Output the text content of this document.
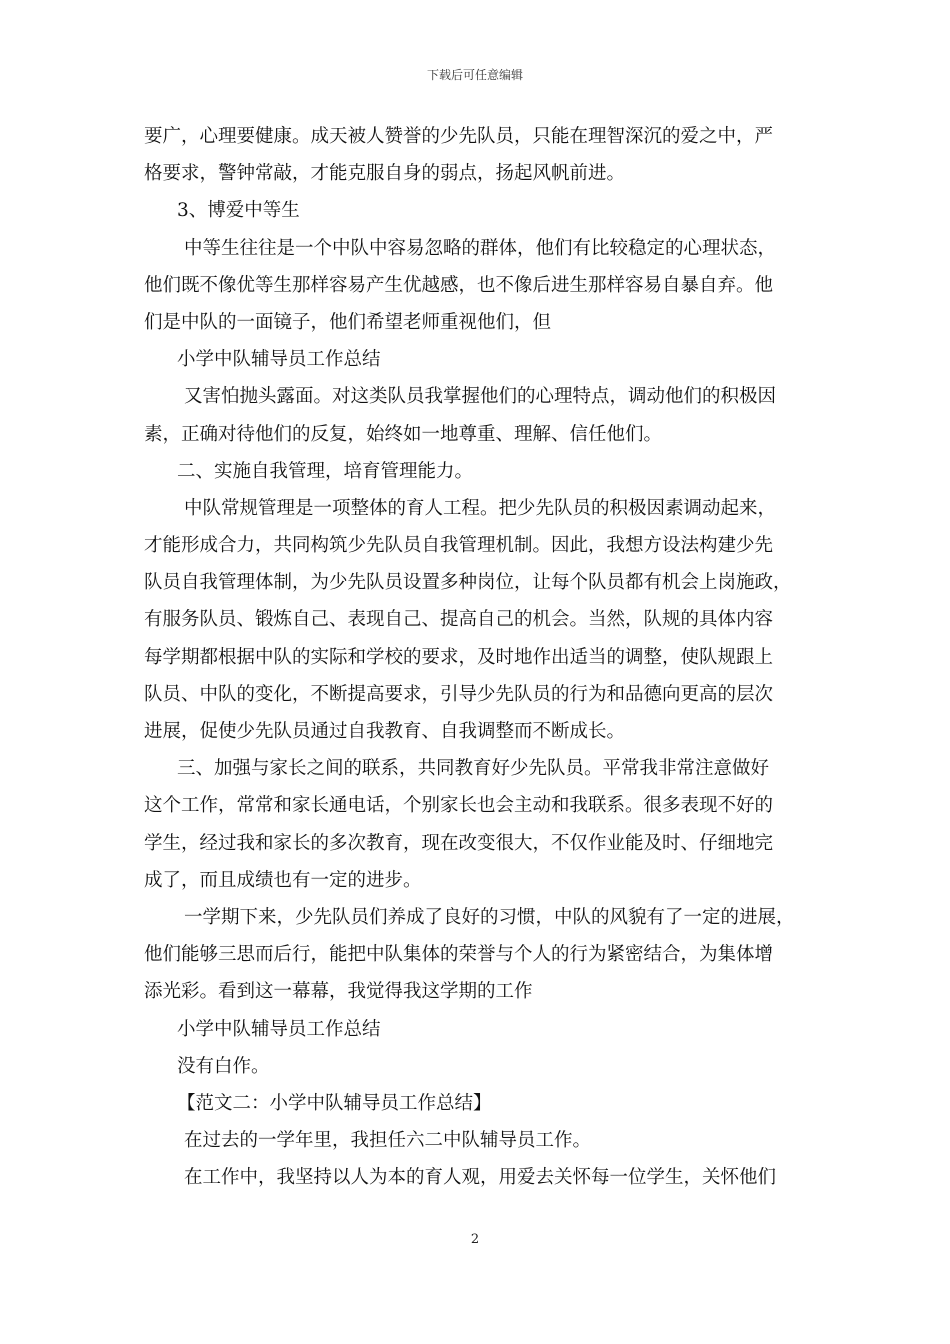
下载后可任意编辑
要广，心理要健康。成天被人赞誉的少先队员，只能在理智深沉的爱之中，严
格要求，警钟常敲，才能克服自身的弱点，扬起风帆前进。
3、博爱中等生
中等生往往是一个中队中容易忽略的群体，他们有比较稳定的心理状态，
他们既不像优等生那样容易产生优越感，也不像后进生那样容易自暴自弃。他
们是中队的一面镜子，他们希望老师重视他们，但
小学中队辅导员工作总结
又害怕抛头露面。对这类队员我掌握他们的心理特点，调动他们的积极因
素，正确对待他们的反复，始终如一地尊重、理解、信任他们。
二、实施自我管理，培育管理能力。
中队常规管理是一项整体的育人工程。把少先队员的积极因素调动起来，
才能形成合力，共同构筑少先队员自我管理机制。因此，我想方设法构建少先
队员自我管理体制，为少先队员设置多种岗位，让每个队员都有机会上岗施政，
有服务队员、锻炼自己、表现自己、提高自己的机会。当然，队规的具体内容
每学期都根据中队的实际和学校的要求，及时地作出适当的调整，使队规跟上
队员、中队的变化，不断提高要求，引导少先队员的行为和品德向更高的层次
进展，促使少先队员通过自我教育、自我调整而不断成长。
三、加强与家长之间的联系，共同教育好少先队员。平常我非常注意做好
这个工作，常常和家长通电话，个别家长也会主动和我联系。很多表现不好的
学生，经过我和家长的多次教育，现在改变很大，不仅作业能及时、仔细地完
成了，而且成绩也有一定的进步。
一学期下来，少先队员们养成了良好的习惯，中队的风貌有了一定的进展，
他们能够三思而后行，能把中队集体的荣誉与个人的行为紧密结合，为集体增
添光彩。看到这一幕幕，我觉得我这学期的工作
小学中队辅导员工作总结
没有白作。
【范文二：小学中队辅导员工作总结】
在过去的一学年里，我担任六二中队辅导员工作。
在工作中，我坚持以人为本的育人观，用爱去关怀每一位学生，关怀他们
2
